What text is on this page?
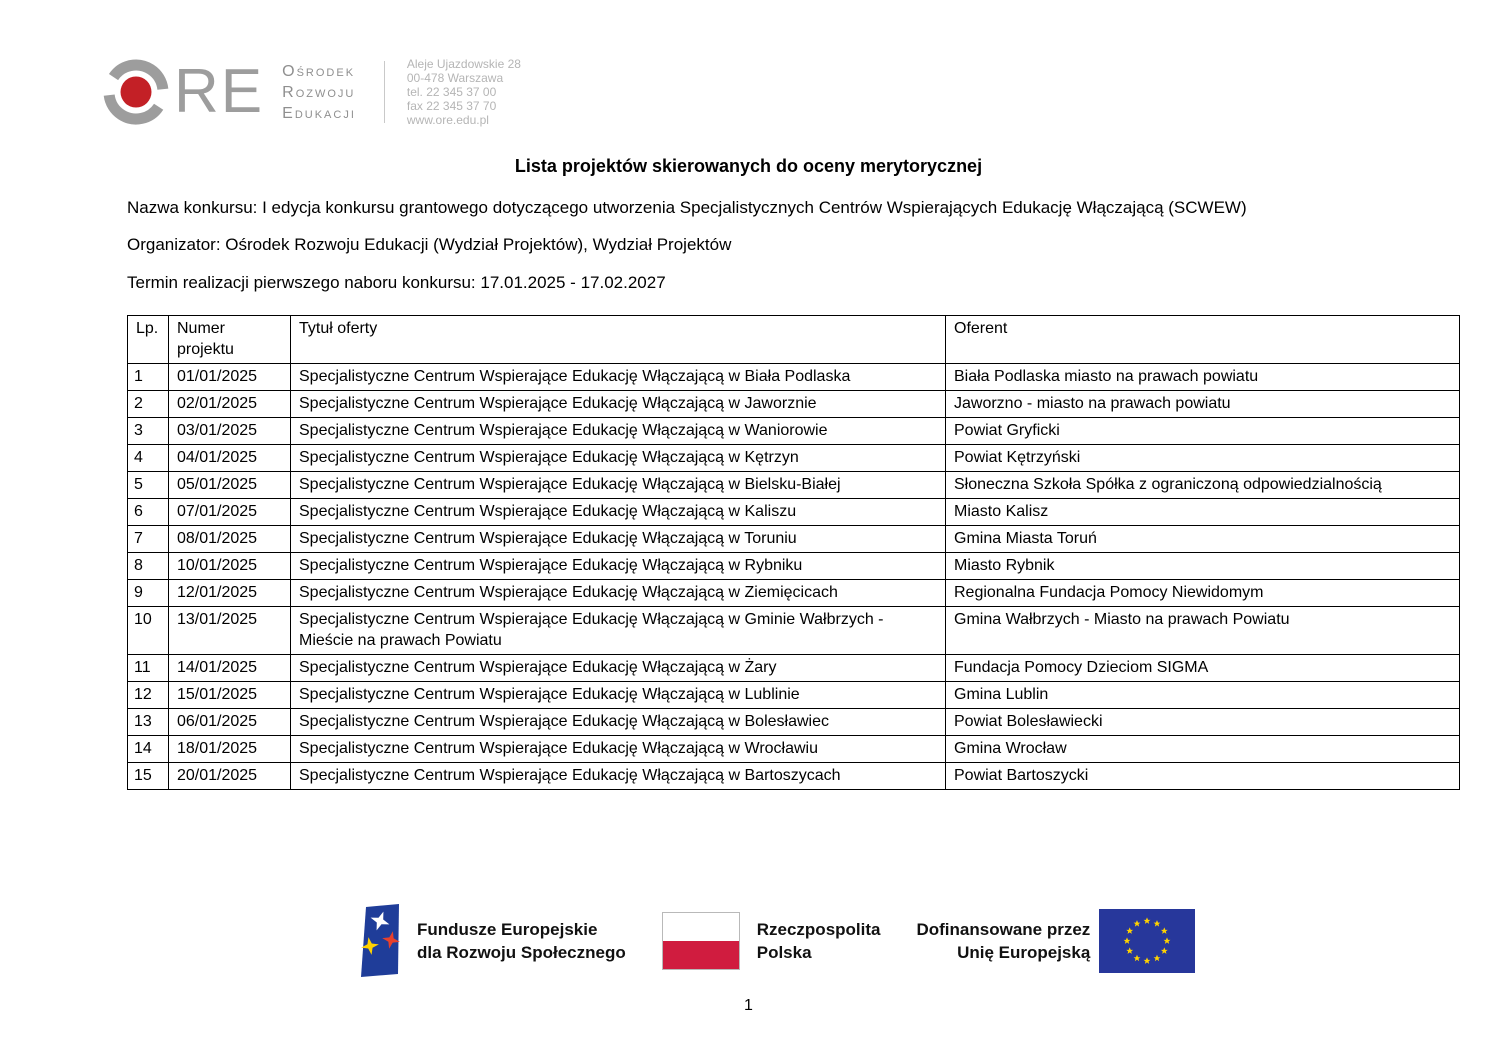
RE Ośrodek
Rozwoju
Edukacji
Aleje Ujazdowskie 28
00-478 Warszawa
tel. 22 345 37 00
fax 22 345 37 70
www.ore.edu.pl
Lista projektów skierowanych do oceny merytorycznej
Nazwa konkursu: I edycja konkursu grantowego dotyczącego utworzenia Specjalistycznych Centrów Wspierających Edukację Włączającą (SCWEW)
Organizator: Ośrodek Rozwoju Edukacji (Wydział Projektów), Wydział Projektów
Termin realizacji pierwszego naboru konkursu: 17.01.2025 - 17.02.2027
Lp.	Numer projektu	Tytuł oferty	Oferent
1	01/01/2025	Specjalistyczne Centrum Wspierające Edukację Włączającą w Biała Podlaska	Biała Podlaska miasto na prawach powiatu
2	02/01/2025	Specjalistyczne Centrum Wspierające Edukację Włączającą w Jaworznie	Jaworzno - miasto na prawach powiatu
3	03/01/2025	Specjalistyczne Centrum Wspierające Edukację Włączającą w Waniorowie	Powiat Gryficki
4	04/01/2025	Specjalistyczne Centrum Wspierające Edukację Włączającą w Kętrzyn	Powiat Kętrzyński
5	05/01/2025	Specjalistyczne Centrum Wspierające Edukację Włączającą w Bielsku-Białej	Słoneczna Szkoła Spółka z ograniczoną odpowiedzialnością
6	07/01/2025	Specjalistyczne Centrum Wspierające Edukację Włączającą w Kaliszu	Miasto Kalisz
7	08/01/2025	Specjalistyczne Centrum Wspierające Edukację Włączającą w Toruniu	Gmina Miasta Toruń
8	10/01/2025	Specjalistyczne Centrum Wspierające Edukację Włączającą w Rybniku	Miasto Rybnik
9	12/01/2025	Specjalistyczne Centrum Wspierające Edukację Włączającą w Ziemięcicach	Regionalna Fundacja Pomocy Niewidomym
10	13/01/2025	Specjalistyczne Centrum Wspierające Edukację Włączającą w Gminie Wałbrzych - Mieście na prawach Powiatu	Gmina Wałbrzych - Miasto na prawach Powiatu
11	14/01/2025	Specjalistyczne Centrum Wspierające Edukację Włączającą w Żary	Fundacja Pomocy Dzieciom SIGMA
12	15/01/2025	Specjalistyczne Centrum Wspierające Edukację Włączającą w Lublinie	Gmina Lublin
13	06/01/2025	Specjalistyczne Centrum Wspierające Edukację Włączającą w Bolesławiec	Powiat Bolesławiecki
14	18/01/2025	Specjalistyczne Centrum Wspierające Edukację Włączającą w Wrocławiu	Gmina Wrocław
15	20/01/2025	Specjalistyczne Centrum Wspierające Edukację Włączającą w Bartoszycach	Powiat Bartoszycki
Fundusze Europejskie
dla Rozwoju Społecznego
Rzeczpospolita
Polska
Dofinansowane przez
Unię Europejską
1
